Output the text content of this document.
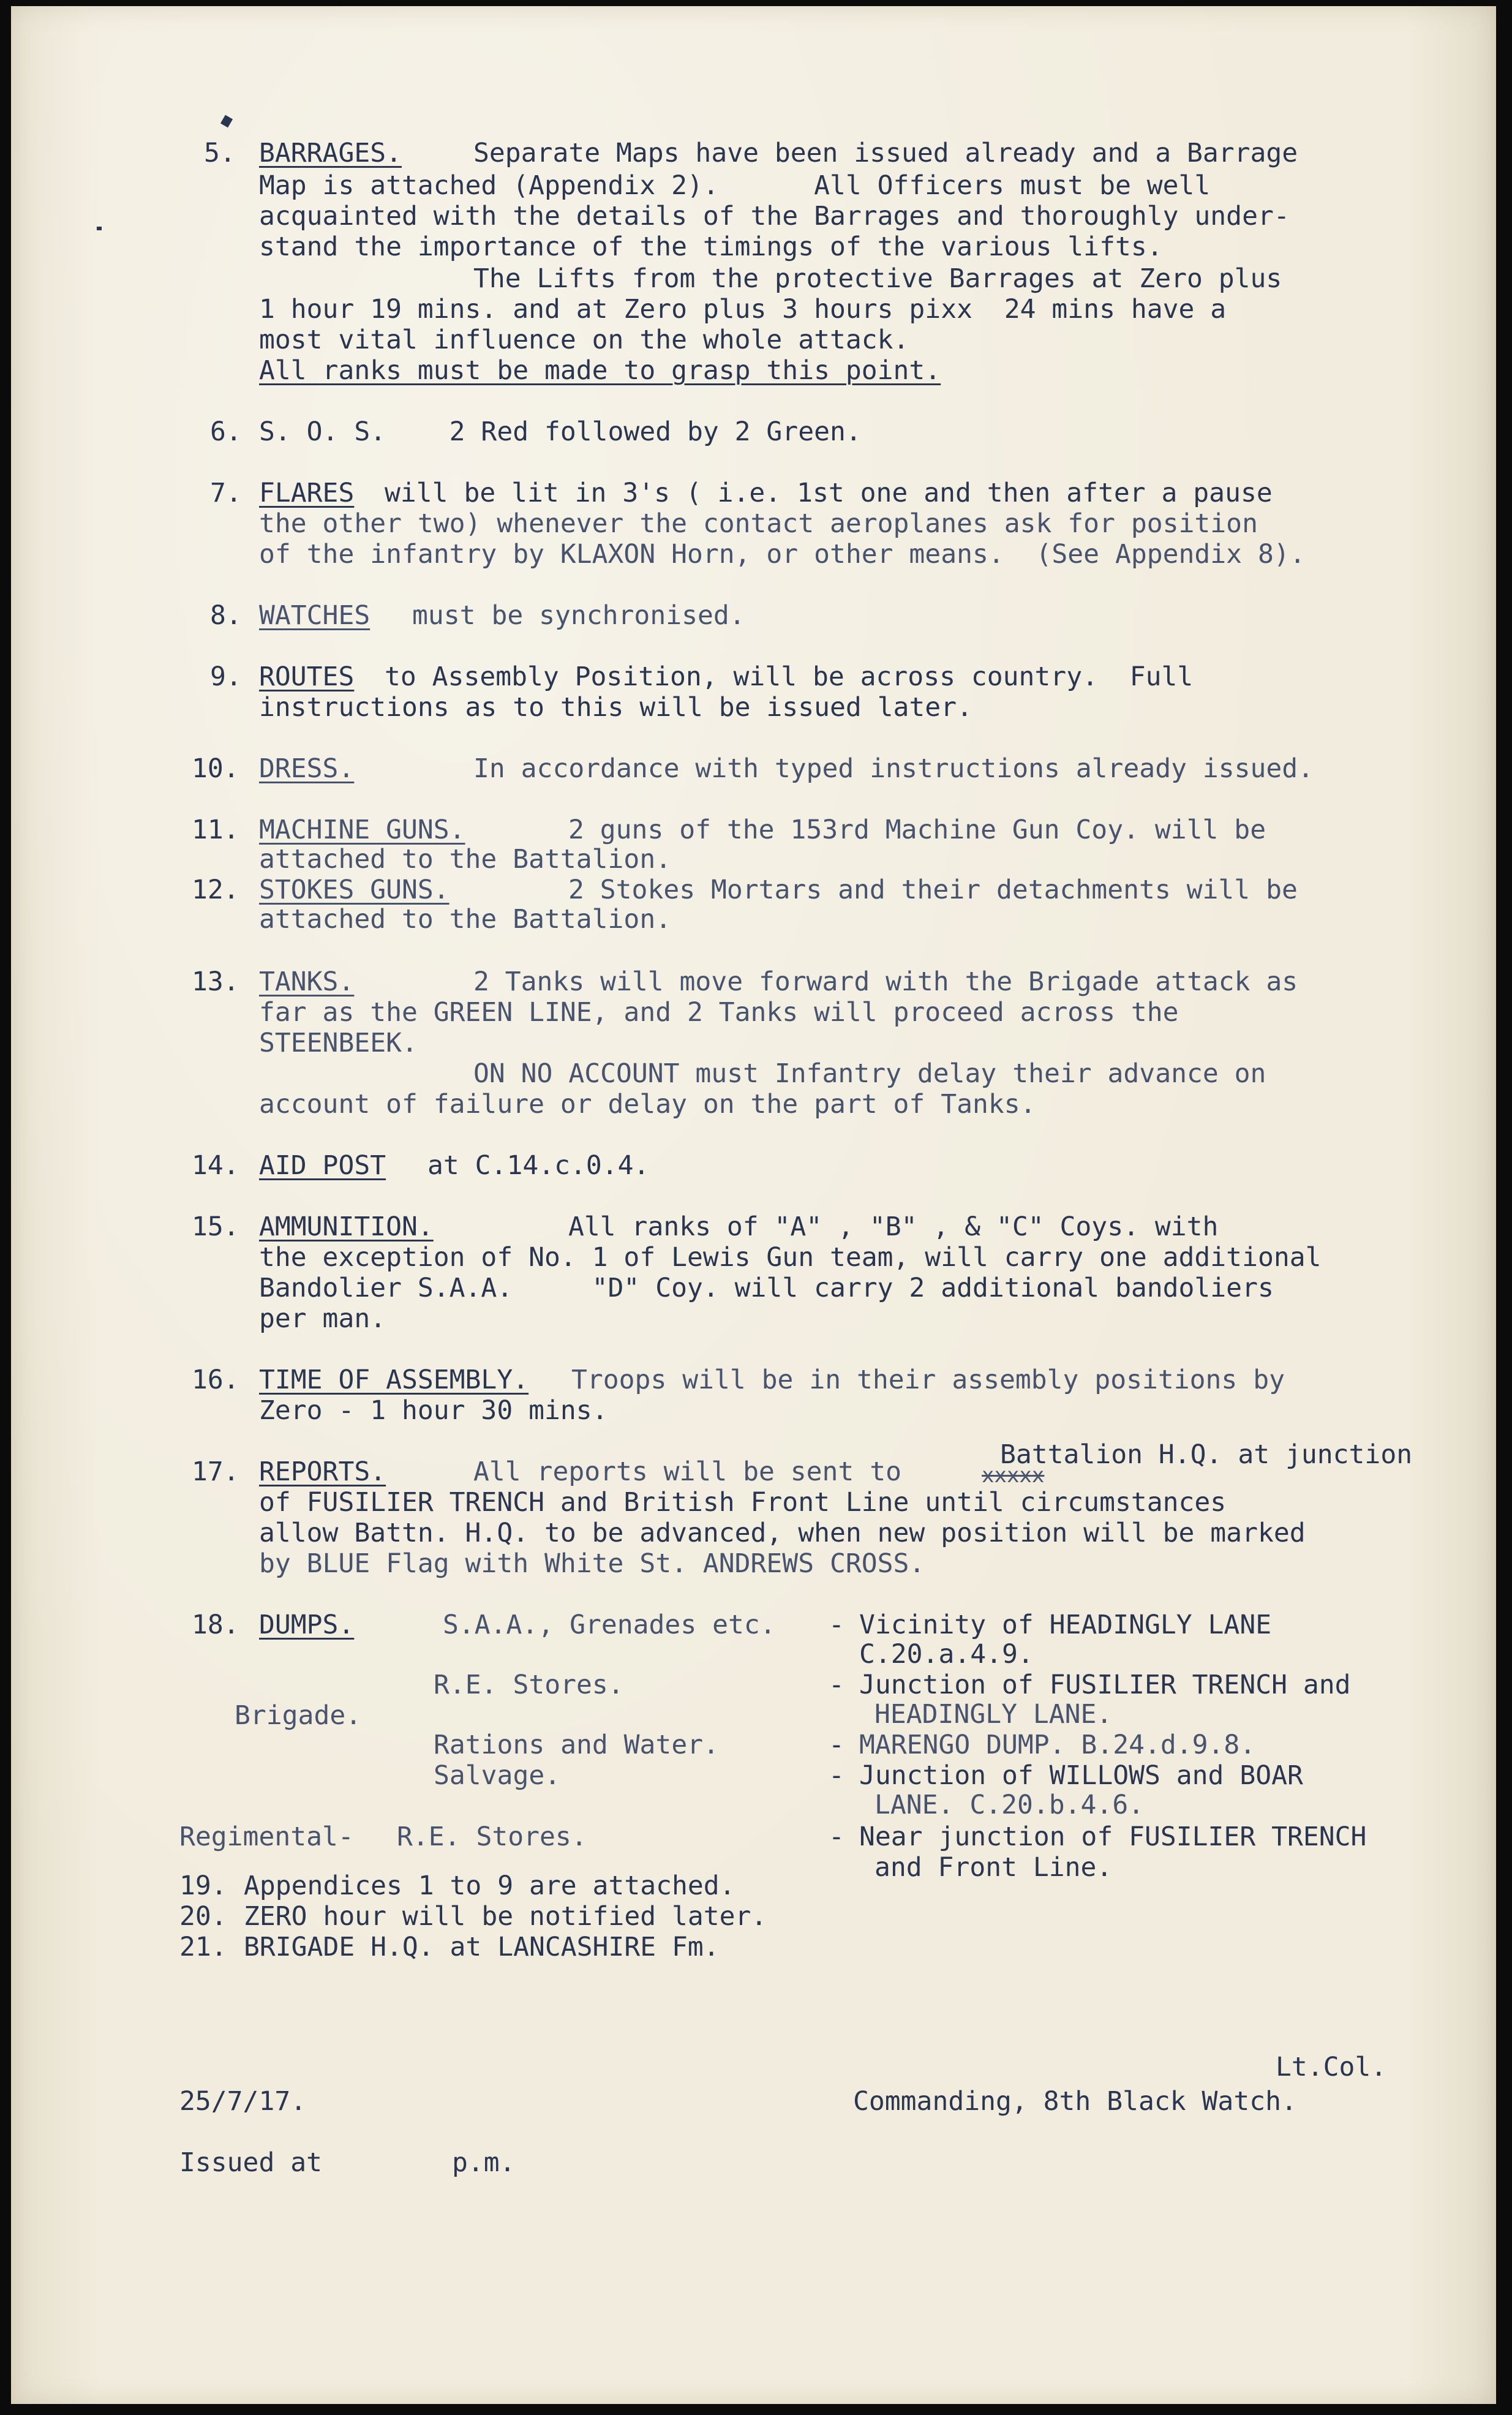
5. BARRAGES.	Separate Maps have been issued already and a Barrage
Map is attached (Appendix 2).      All Officers must be well
acquainted with the details of the Barrages and thoroughly under-
stand the importance of the timings of the various lifts.
The Lifts from the protective Barrages at Zero plus
1 hour 19 mins. and at Zero plus 3 hours pixx  24 mins have a
most vital influence on the whole attack.
All ranks must be made to grasp this point.
6. S. O. S.    2 Red followed by 2 Green.
7. FLARES will be lit in 3's ( i.e. 1st one and then after a pause
the other two) whenever the contact aeroplanes ask for position
of the infantry by KLAXON Horn, or other means.  (See Appendix 8).
8. WATCHES must be synchronised.
9. ROUTES to Assembly Position, will be across country.  Full
instructions as to this will be issued later.
10. DRESS.	In accordance with typed instructions already issued.
11. MACHINE GUNS.	2 guns of the 153rd Machine Gun Coy. will be
attached to the Battalion.
12. STOKES GUNS.	2 Stokes Mortars and their detachments will be
attached to the Battalion.
13. TANKS.	2 Tanks will move forward with the Brigade attack as
far as the GREEN LINE, and 2 Tanks will proceed across the
STEENBEEK.
ON NO ACCOUNT must Infantry delay their advance on
account of failure or delay on the part of Tanks.
14. AID POST at C.14.c.0.4.
15. AMMUNITION.	All ranks of "A" , "B" , & "C" Coys. with
the exception of No. 1 of Lewis Gun team, will carry one additional
Bandolier S.A.A.     "D" Coy. will carry 2 additional bandoliers
per man.
16. TIME OF ASSEMBLY. Troops will be in their assembly positions by
Zero - 1 hour 30 mins.
17. REPORTS.	All reports will be sent to	xxxxx
Battalion H.Q. at junction
of FUSILIER TRENCH and British Front Line until circumstances
allow Battn. H.Q. to be advanced, when new position will be marked
by BLUE Flag with White St. ANDREWS CROSS.
18. DUMPS.	S.A.A., Grenades etc. - Vicinity of HEADINGLY LANE
C.20.a.4.9.
Brigade.
R.E. Stores.	- Junction of FUSILIER TRENCH and
HEADINGLY LANE.
Rations and Water.	- MARENGO DUMP. B.24.d.9.8.
Salvage.	- Junction of WILLOWS and BOAR
LANE. C.20.b.4.6.
Regimental- R.E. Stores.	- Near junction of FUSILIER TRENCH
and Front Line.
19. Appendices 1 to 9 are attached.
20. ZERO hour will be notified later.
21. BRIGADE H.Q. at LANCASHIRE Fm.
Lt.Col.
25/7/17.	Commanding, 8th Black Watch.
Issued at	p.m.
